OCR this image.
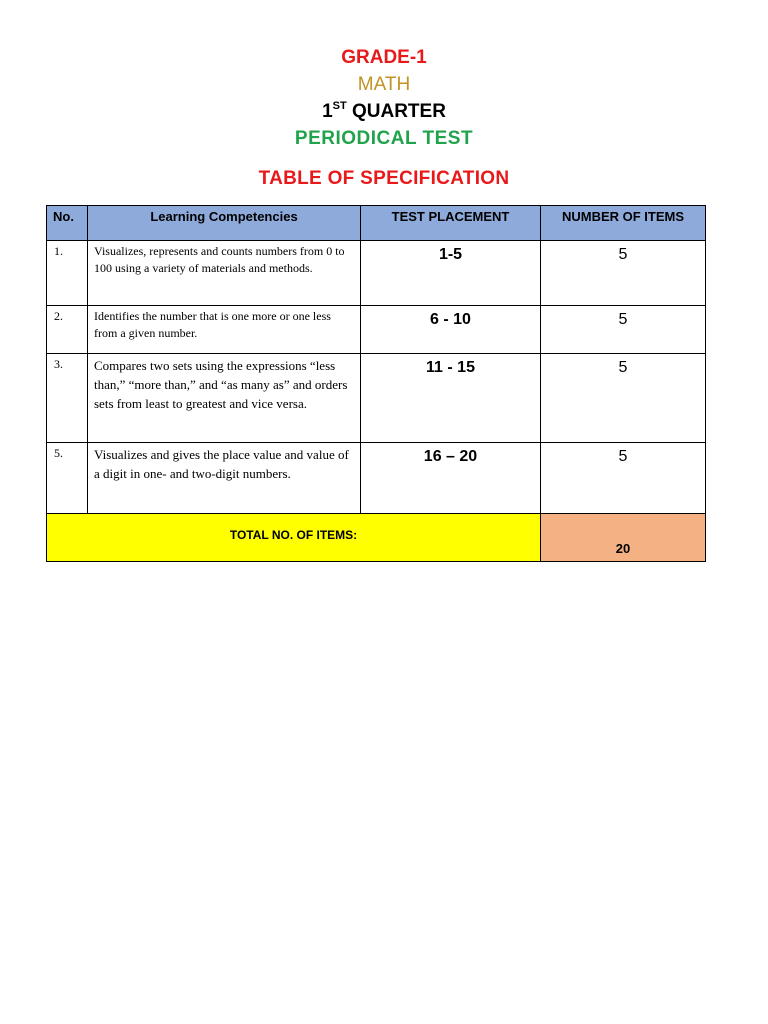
GRADE-1
MATH
1ST QUARTER
PERIODICAL TEST
TABLE OF SPECIFICATION
No.	Learning Competencies	TEST PLACEMENT	NUMBER OF ITEMS
1.	Visualizes, represents and counts numbers from 0 to 100 using a variety of materials and methods.	1-5	5
2.	Identifies the number that is one more or one less from a given number.	6 - 10	5
3.	Compares two sets using the expressions “less than,” “more than,” and “as many as” and orders sets from least to greatest and vice versa.	11 - 15	5
5.	Visualizes and gives the place value and value of a digit in one- and two-digit numbers.	16 – 20	5
TOTAL NO. OF ITEMS:			20
